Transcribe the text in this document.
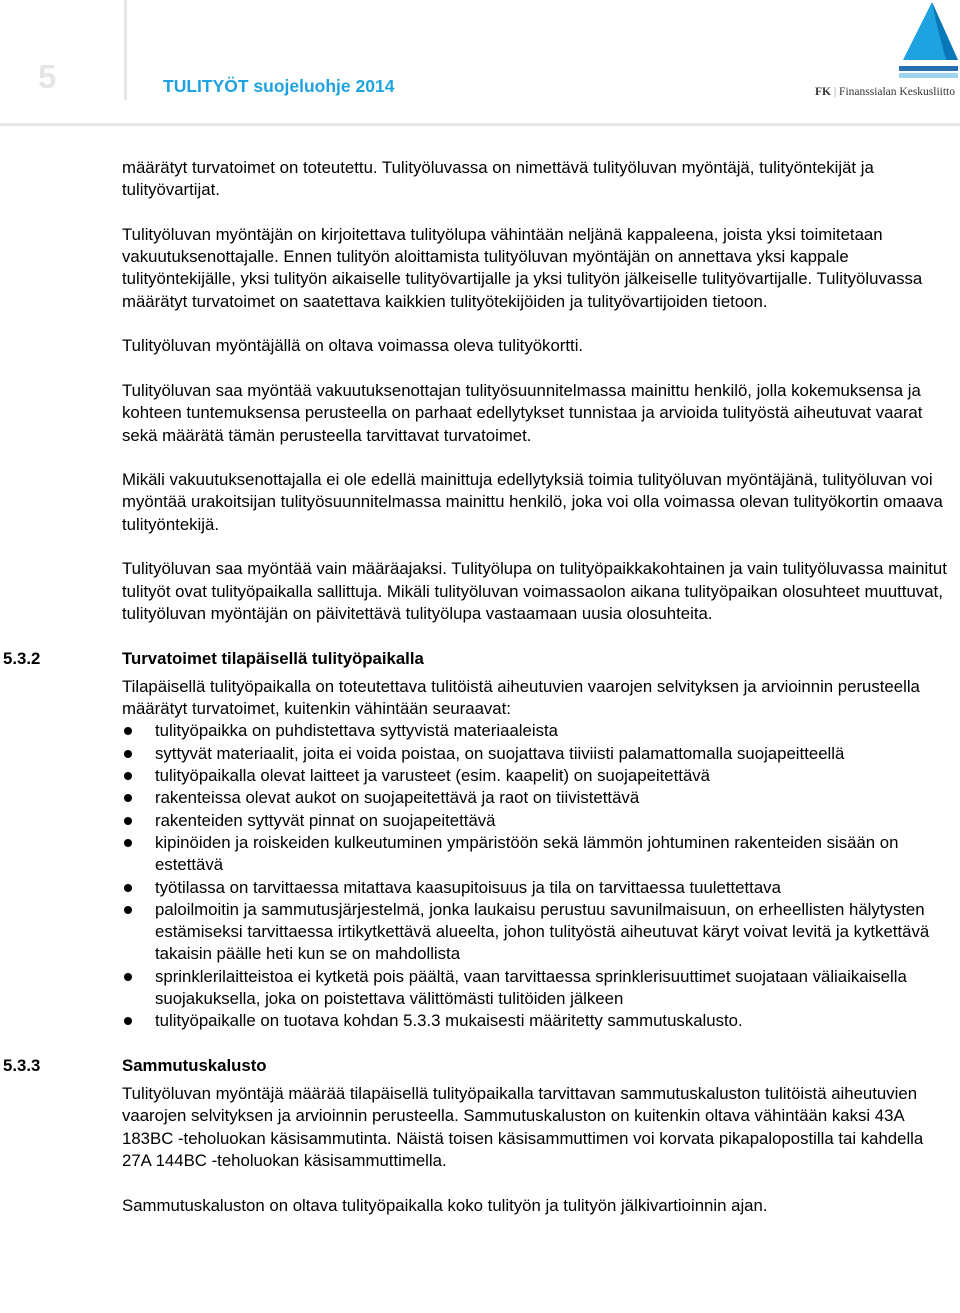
5	TULITYÖT suojeluohje 2014	FK | Finanssialan Keskusliitto

määrätyt turvatoimet on toteutettu. Tulityöluvassa on nimettävä tulityöluvan myöntäjä, tulityöntekijät ja tulityövartijat.

Tulityöluvan myöntäjän on kirjoitettava tulityölupa vähintään neljänä kappaleena, joista yksi toimitetaan vakuutuksenottajalle. Ennen tulityön aloittamista tulityöluvan myöntäjän on annettava yksi kappale tulityöntekijälle, yksi tulityön aikaiselle tulityövartijalle ja yksi tulityön jälkeiselle tulityövartijalle. Tulityöluvassa määrätyt turvatoimet on saatettava kaikkien tulityötekijöiden ja tulityövartijoiden tietoon.

Tulityöluvan myöntäjällä on oltava voimassa oleva tulityökortti.

Tulityöluvan saa myöntää vakuutuksenottajan tulityösuunnitelmassa mainittu henkilö, jolla kokemuksensa ja kohteen tuntemuksensa perusteella on parhaat edellytykset tunnistaa ja arvioida tulityöstä aiheutuvat vaarat sekä määrätä tämän perusteella tarvittavat turvatoimet.

Mikäli vakuutuksenottajalla ei ole edellä mainittuja edellytyksiä toimia tulityöluvan myöntäjänä, tulityöluvan voi myöntää urakoitsijan tulityösuunnitelmassa mainittu henkilö, joka voi olla voimassa olevan tulityökortin omaava tulityöntekijä.

Tulityöluvan saa myöntää vain määräajaksi. Tulityölupa on tulityöpaikkakohtainen ja vain tulityöluvassa mainitut tulityöt ovat tulityöpaikalla sallittuja. Mikäli tulityöluvan voimassaolon aikana tulityöpaikan olosuhteet muuttuvat, tulityöluvan myöntäjän on päivitettävä tulityölupa vastaamaan uusia olosuhteita.

5.3.2	Turvatoimet tilapäisellä tulityöpaikalla

Tilapäisellä tulityöpaikalla on toteutettava tulitöistä aiheutuvien vaarojen selvityksen ja arvioinnin perusteella määrätyt turvatoimet, kuitenkin vähintään seuraavat:

tulityöpaikka on puhdistettava syttyvistä materiaaleista
syttyvät materiaalit, joita ei voida poistaa, on suojattava tiiviisti palamattomalla suojapeitteellä
tulityöpaikalla olevat laitteet ja varusteet (esim. kaapelit) on suojapeitettävä
rakenteissa olevat aukot on suojapeitettävä ja raot on tiivistettävä
rakenteiden syttyvät pinnat on suojapeitettävä
kipinöiden ja roiskeiden kulkeutuminen ympäristöön sekä lämmön johtuminen rakenteiden sisään on estettävä
työtilassa on tarvittaessa mitattava kaasupitoisuus ja tila on tarvittaessa tuulettettava
paloilmoitin ja sammutusjärjestelmä, jonka laukaisu perustuu savunilmaisuun, on erheellisten hälytysten estämiseksi tarvittaessa irtikytkettävä alueelta, johon tulityöstä aiheutuvat käryt voivat levitä ja kytkettävä takaisin päälle heti kun se on mahdollista
sprinklerilaitteistoa ei kytketä pois päältä, vaan tarvittaessa sprinklerisuuttimet suojataan väliaikaisella suojakuksella, joka on poistettava välittömästi tulitöiden jälkeen
tulityöpaikalle on tuotava kohdan 5.3.3 mukaisesti määritetty sammutuskalusto.
5.3.3	Sammutuskalusto

Tulityöluvan myöntäjä määrää tilapäisellä tulityöpaikalla tarvittavan sammutuskaluston tulitöistä aiheutuvien vaarojen selvityksen ja arvioinnin perusteella. Sammutuskaluston on kuitenkin oltava vähintään kaksi 43A 183BC -teholuokan käsisammutinta. Näistä toisen käsisammuttimen voi korvata pikapalopostilla tai kahdella 27A 144BC -teholuokan käsisammuttimella.

Sammutuskaluston on oltava tulityöpaikalla koko tulityön ja tulityön jälkivartioinnin ajan.
